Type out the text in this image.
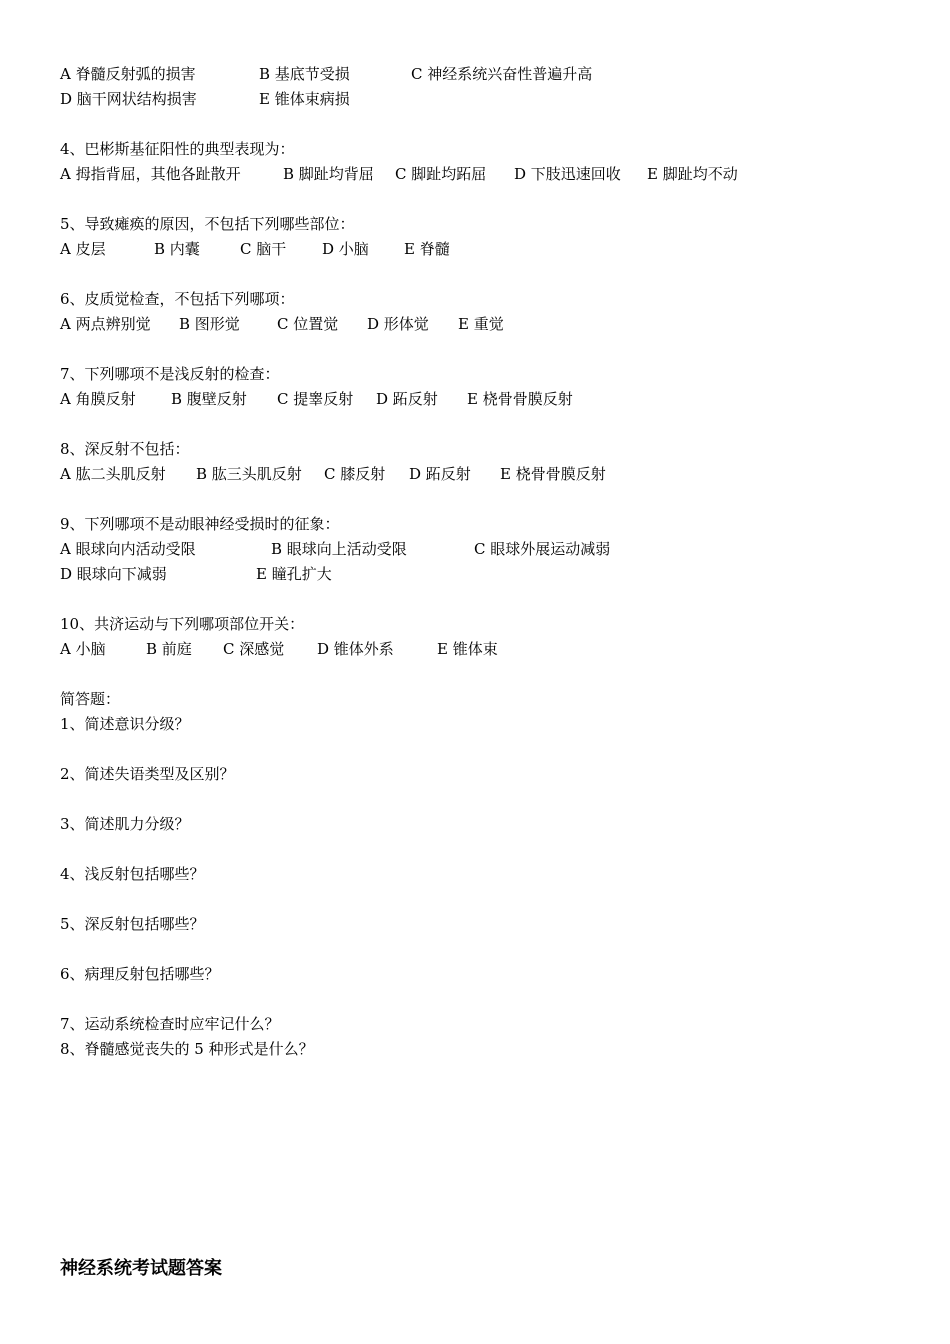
A 脊髓反射弧的损害	B 基底节受损	C 神经系统兴奋性普遍升高
D 脑干网状结构损害	E 锥体束病损
4、巴彬斯基征阳性的典型表现为：
A 拇指背屈，其他各趾散开	B 脚趾均背屈 C 脚趾均跖屈 D 下肢迅速回收 E 脚趾均不动
5、导致瘫痪的原因，不包括下列哪些部位：
A 皮层	B 内囊	C 脑干 D 小脑 E 脊髓
6、皮质觉检查，不包括下列哪项：
A 两点辨别觉 B 图形觉 C 位置觉 D 形体觉 E 重觉
7、下列哪项不是浅反射的检查：
A 角膜反射 B 腹壁反射 C 提睾反射 D 跖反射 E 桡骨骨膜反射
8、深反射不包括：
A 肱二头肌反射 B 肱三头肌反射 C 膝反射 D 跖反射 E 桡骨骨膜反射
9、下列哪项不是动眼神经受损时的征象：
A 眼球向内活动受限	B 眼球向上活动受限	C 眼球外展运动减弱
D 眼球向下减弱	E 瞳孔扩大
10、共济运动与下列哪项部位开关：
A 小脑	B 前庭 C 深感觉 D 锥体外系	E 锥体束
简答题：
1、简述意识分级？
2、简述失语类型及区别？
3、简述肌力分级？
4、浅反射包括哪些？
5、深反射包括哪些？
6、病理反射包括哪些？
7、运动系统检查时应牢记什么？
8、脊髓感觉丧失的 5 种形式是什么？
神经系统考试题答案
